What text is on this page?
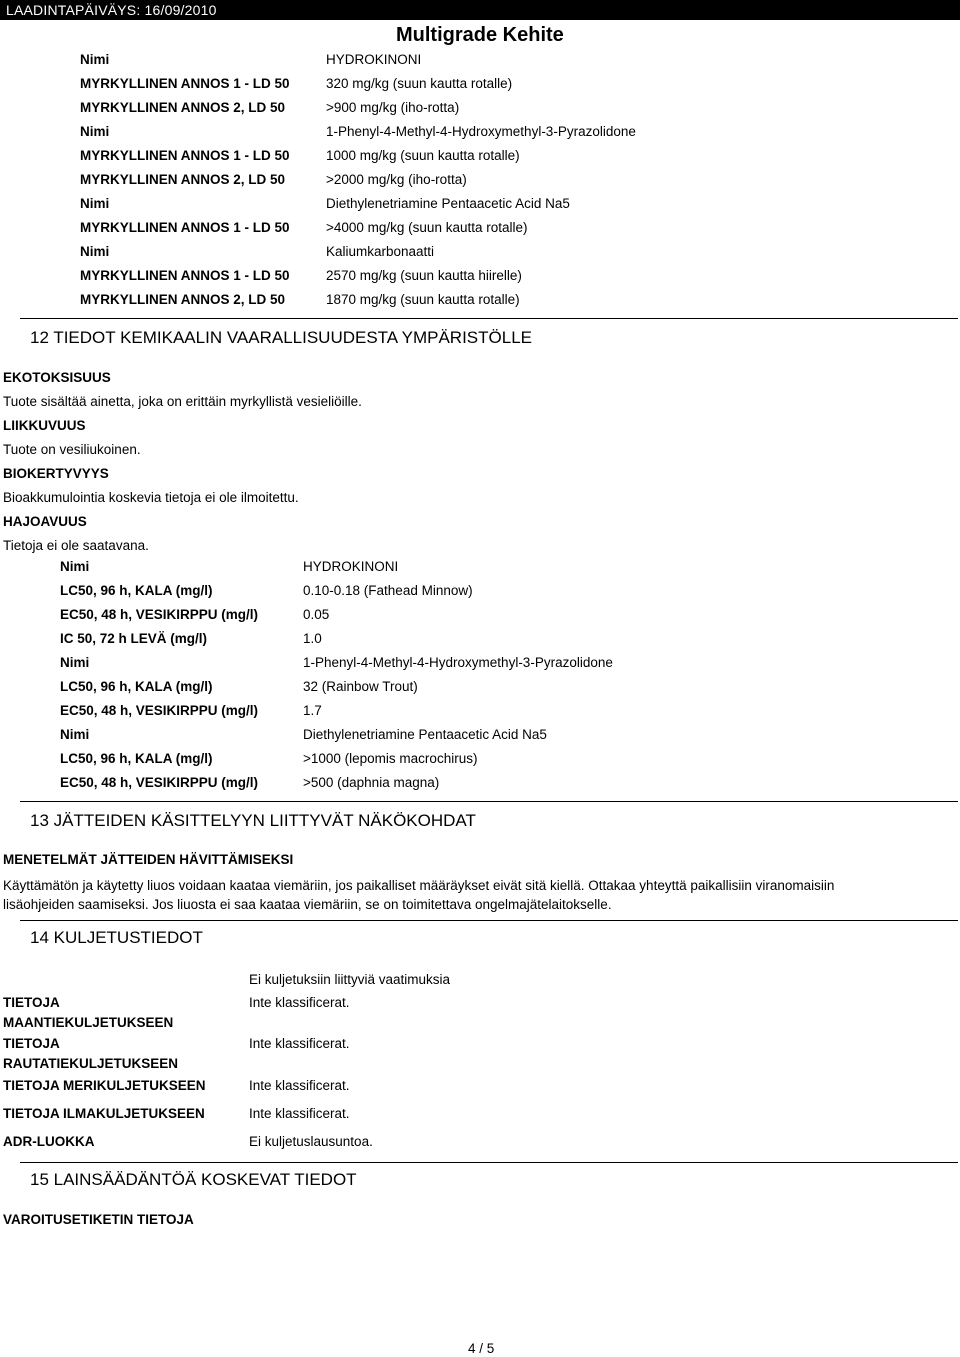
LAADINTAPÄIVÄYS: 16/09/2010
Multigrade Kehite
Nimi	HYDROKINONI
MYRKYLLINEN ANNOS 1 - LD 50	320 mg/kg (suun kautta rotalle)
MYRKYLLINEN ANNOS 2, LD 50	>900 mg/kg (iho-rotta)
Nimi	1-Phenyl-4-Methyl-4-Hydroxymethyl-3-Pyrazolidone
MYRKYLLINEN ANNOS 1 - LD 50	1000 mg/kg (suun kautta rotalle)
MYRKYLLINEN ANNOS 2, LD 50	>2000 mg/kg (iho-rotta)
Nimi	Diethylenetriamine Pentaacetic Acid Na5
MYRKYLLINEN ANNOS 1 - LD 50	>4000 mg/kg (suun kautta rotalle)
Nimi	Kaliumkarbonaatti
MYRKYLLINEN ANNOS 1 - LD 50	2570 mg/kg (suun kautta hiirelle)
MYRKYLLINEN ANNOS 2, LD 50	1870 mg/kg (suun kautta rotalle)
12 TIEDOT KEMIKAALIN VAARALLISUUDESTA YMPÄRISTÖLLE
EKOTOKSISUUS
Tuote sisältää ainetta, joka on erittäin myrkyllistä vesieliöille.
LIIKKUVUUS
Tuote on vesiliukoinen.
BIOKERTYVYYS
Bioakkumulointia koskevia tietoja ei ole ilmoitettu.
HAJOAVUUS
Tietoja ei ole saatavana.
Nimi	HYDROKINONI
LC50, 96 h, KALA (mg/l)	0.10-0.18 (Fathead Minnow)
EC50, 48 h, VESIKIRPPU (mg/l)	0.05
IC 50, 72 h LEVÄ (mg/l)	1.0
Nimi	1-Phenyl-4-Methyl-4-Hydroxymethyl-3-Pyrazolidone
LC50, 96 h, KALA (mg/l)	32 (Rainbow Trout)
EC50, 48 h, VESIKIRPPU (mg/l)	1.7
Nimi	Diethylenetriamine Pentaacetic Acid Na5
LC50, 96 h, KALA (mg/l)	>1000 (lepomis macrochirus)
EC50, 48 h, VESIKIRPPU (mg/l)	>500 (daphnia magna)
13 JÄTTEIDEN KÄSITTELYYN LIITTYVÄT NÄKÖKOHDAT
MENETELMÄT JÄTTEIDEN HÄVITTÄMISEKSI
Käyttämätön ja käytetty liuos voidaan kaataa viemäriin, jos paikalliset määräykset eivät sitä kiellä. Ottakaa yhteyttä paikallisiin viranomaisiin lisäohjeiden saamiseksi. Jos liuosta ei saa kaataa viemäriin, se on toimitettava ongelmajätelaitokselle.
14 KULJETUSTIEDOT
Ei kuljetuksiin liittyviä vaatimuksia
TIETOJA
MAANTIEKULJETUKSEEN
Inte klassificerat.
TIETOJA
RAUTATIEKULJETUKSEEN
Inte klassificerat.
TIETOJA MERIKULJETUKSEEN	Inte klassificerat.
TIETOJA ILMAKULJETUKSEEN	Inte klassificerat.
ADR-LUOKKA	Ei kuljetuslausuntoa.
15 LAINSÄÄDÄNTÖÄ KOSKEVAT TIEDOT
VAROITUSETIKETIN TIETOJA
4 / 5
